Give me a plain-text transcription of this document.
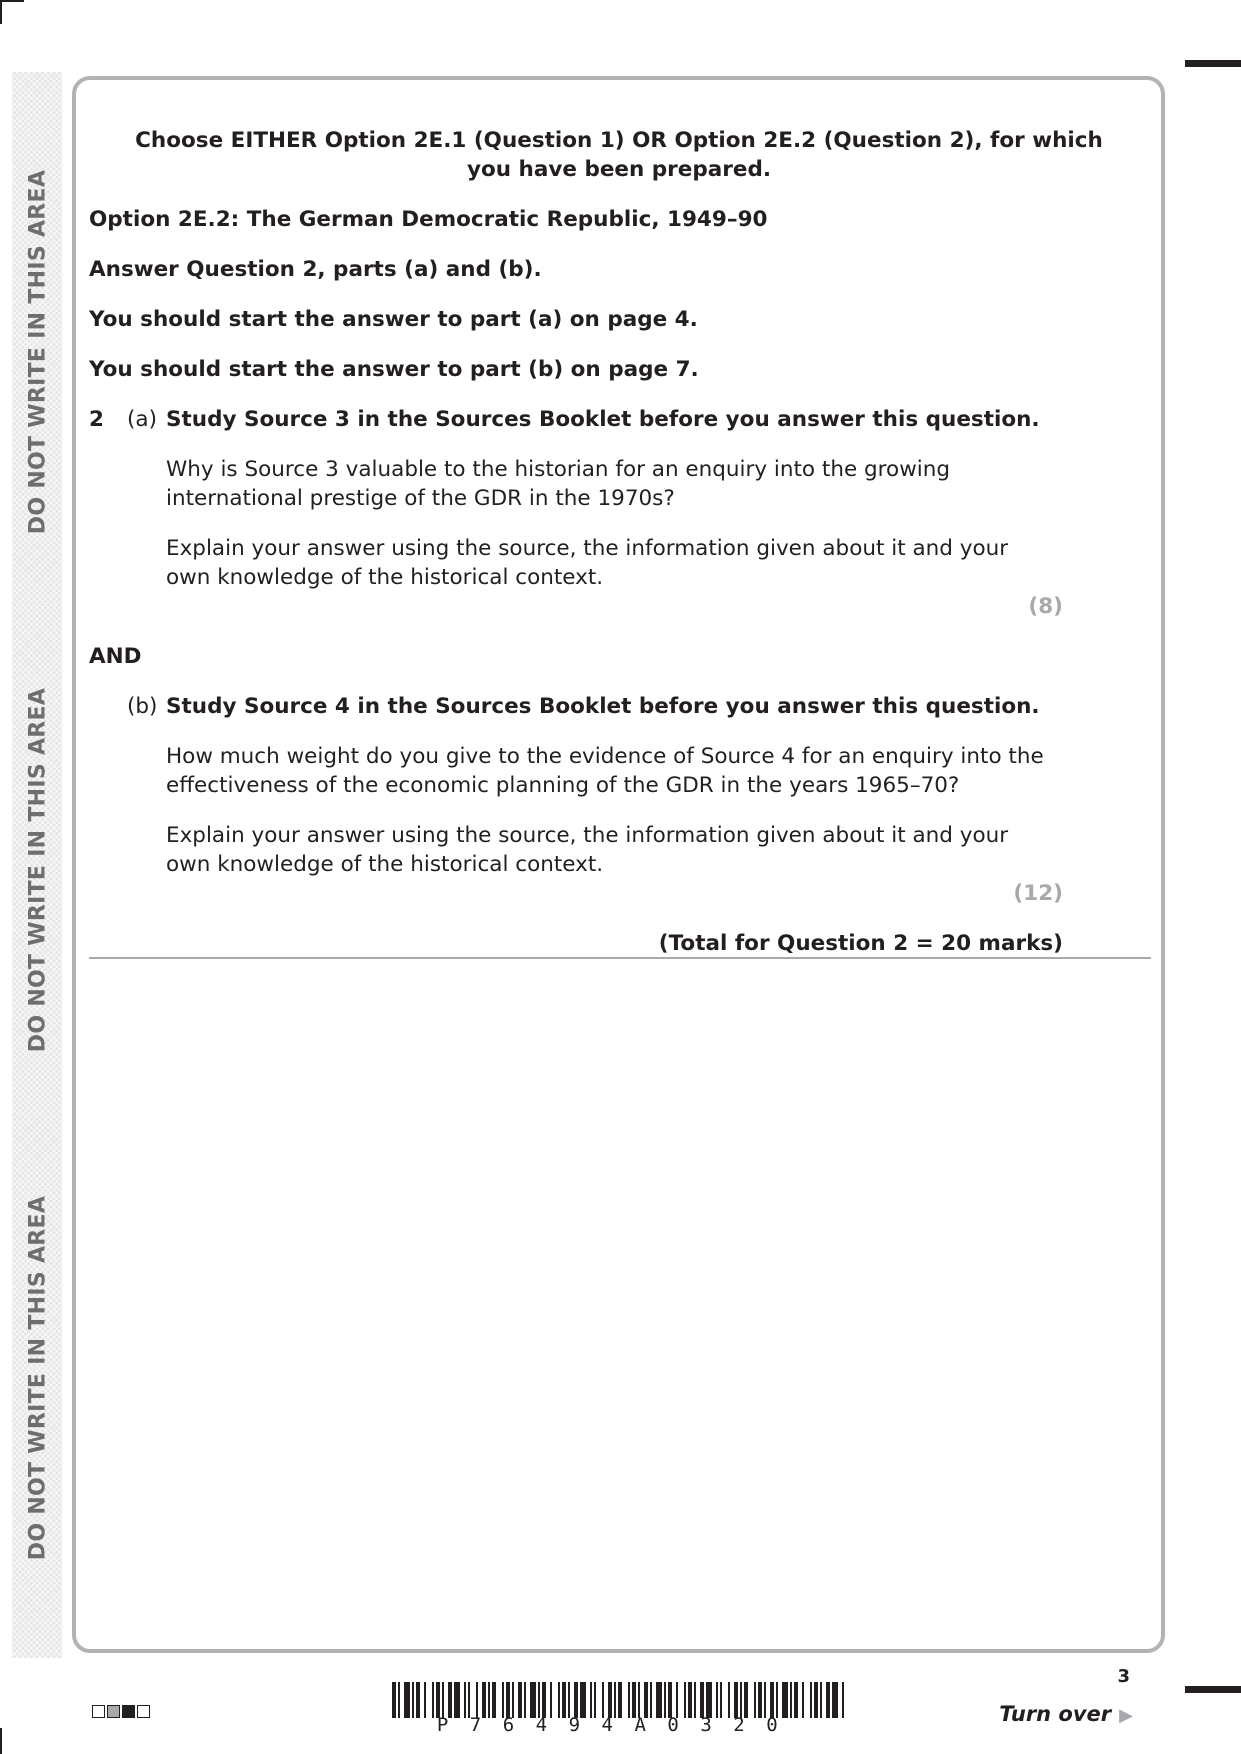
DO NOT WRITE IN THIS AREA
DO NOT WRITE IN THIS AREA
DO NOT WRITE IN THIS AREA
Choose EITHER Option 2E.1 (Question 1) OR Option 2E.2 (Question 2), for which
you have been prepared.
Option 2E.2: The German Democratic Republic, 1949–90
Answer Question 2, parts (a) and (b).
You should start the answer to part (a) on page 4.
You should start the answer to part (b) on page 7.
2 (a) Study Source 3 in the Sources Booklet before you answer this question.
Why is Source 3 valuable to the historian for an enquiry into the growing
international prestige of the GDR in the 1970s?
Explain your answer using the source, the information given about it and your
own knowledge of the historical context.
(8)
AND
(b) Study Source 4 in the Sources Booklet before you answer this question.
How much weight do you give to the evidence of Source 4 for an enquiry into the
effectiveness of the economic planning of the GDR in the years 1965–70?
Explain your answer using the source, the information given about it and your
own knowledge of the historical context.
(12)
(Total for Question 2 = 20 marks)
3
P76494A0320	Turn over ▶
